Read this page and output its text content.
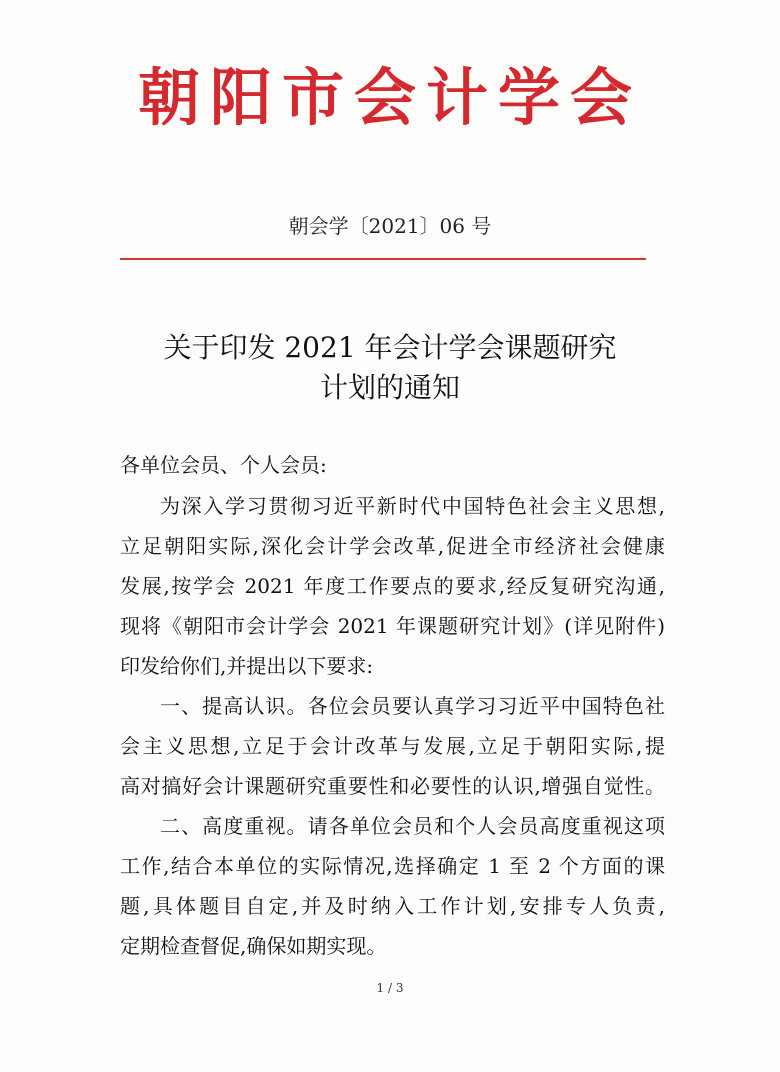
朝阳市会计学会
朝会学〔2021〕06 号
关于印发 2021 年会计学会课题研究
计划的通知
各单位会员、个人会员:
为深入学习贯彻习近平新时代中国特色社会主义思想,
立足朝阳实际,深化会计学会改革,促进全市经济社会健康
发展,按学会 2021 年度工作要点的要求,经反复研究沟通,
现将《朝阳市会计学会 2021 年课题研究计划》(详见附件)
印发给你们,并提出以下要求:
一、提高认识。各位会员要认真学习习近平中国特色社
会主义思想,立足于会计改革与发展,立足于朝阳实际,提
高对搞好会计课题研究重要性和必要性的认识,增强自觉性。
二、高度重视。请各单位会员和个人会员高度重视这项
工作,结合本单位的实际情况,选择确定 1 至 2 个方面的课
题,具体题目自定,并及时纳入工作计划,安排专人负责,
定期检查督促,确保如期实现。
1 / 3
